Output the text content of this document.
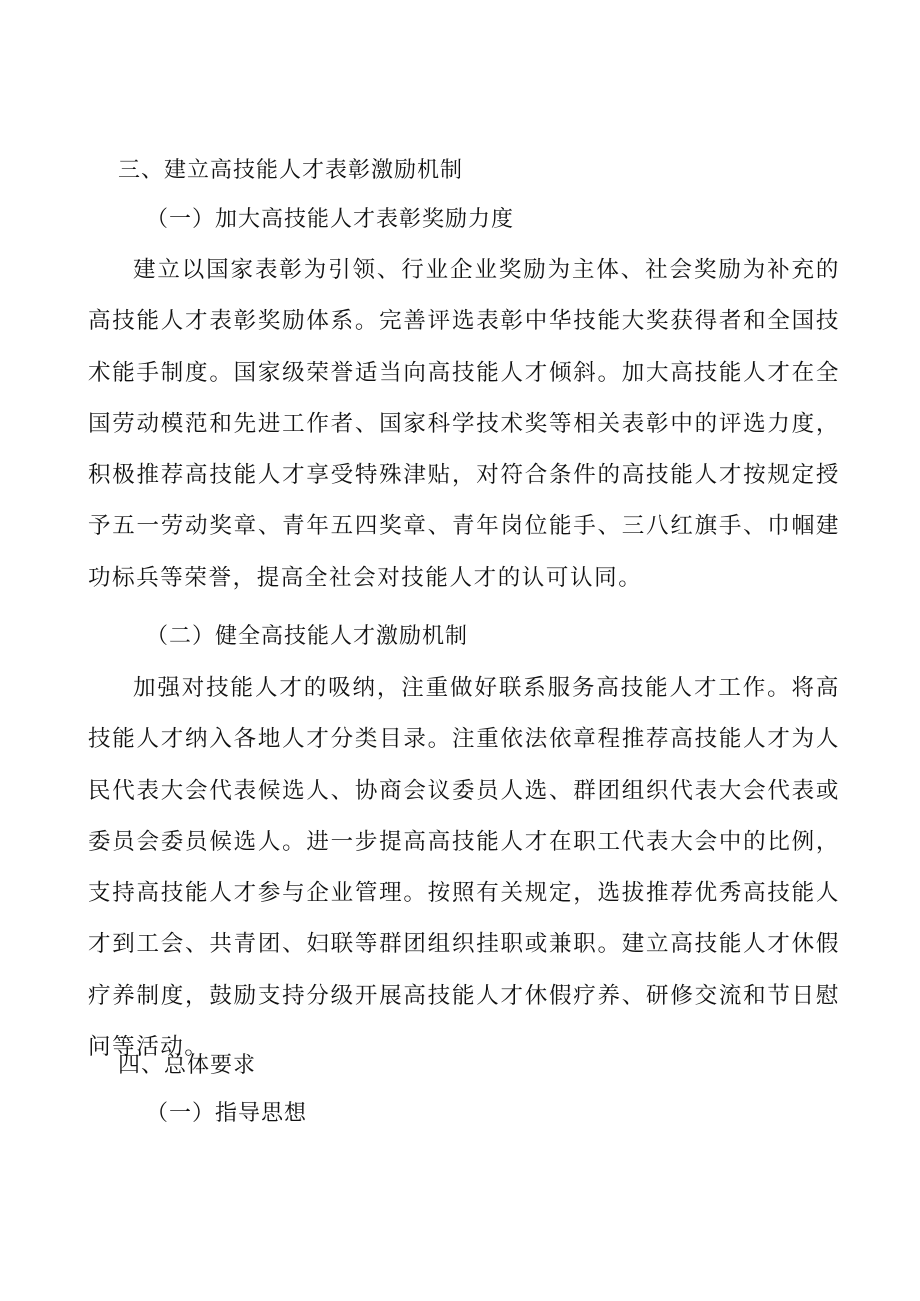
三、建立高技能人才表彰激励机制
（一）加大高技能人才表彰奖励力度

建立以国家表彰为引领、行业企业奖励为主体、社会奖励为补充的高技能人才表彰奖励体系。完善评选表彰中华技能大奖获得者和全国技术能手制度。国家级荣誉适当向高技能人才倾斜。加大高技能人才在全国劳动模范和先进工作者、国家科学技术奖等相关表彰中的评选力度，积极推荐高技能人才享受特殊津贴，对符合条件的高技能人才按规定授予五一劳动奖章、青年五四奖章、青年岗位能手、三八红旗手、巾帼建功标兵等荣誉，提高全社会对技能人才的认可认同。

（二）健全高技能人才激励机制

加强对技能人才的吸纳，注重做好联系服务高技能人才工作。将高技能人才纳入各地人才分类目录。注重依法依章程推荐高技能人才为人民代表大会代表候选人、协商会议委员人选、群团组织代表大会代表或委员会委员候选人。进一步提高高技能人才在职工代表大会中的比例，支持高技能人才参与企业管理。按照有关规定，选拔推荐优秀高技能人才到工会、共青团、妇联等群团组织挂职或兼职。建立高技能人才休假疗养制度，鼓励支持分级开展高技能人才休假疗养、研修交流和节日慰问等活动。

四、总体要求
（一）指导思想
